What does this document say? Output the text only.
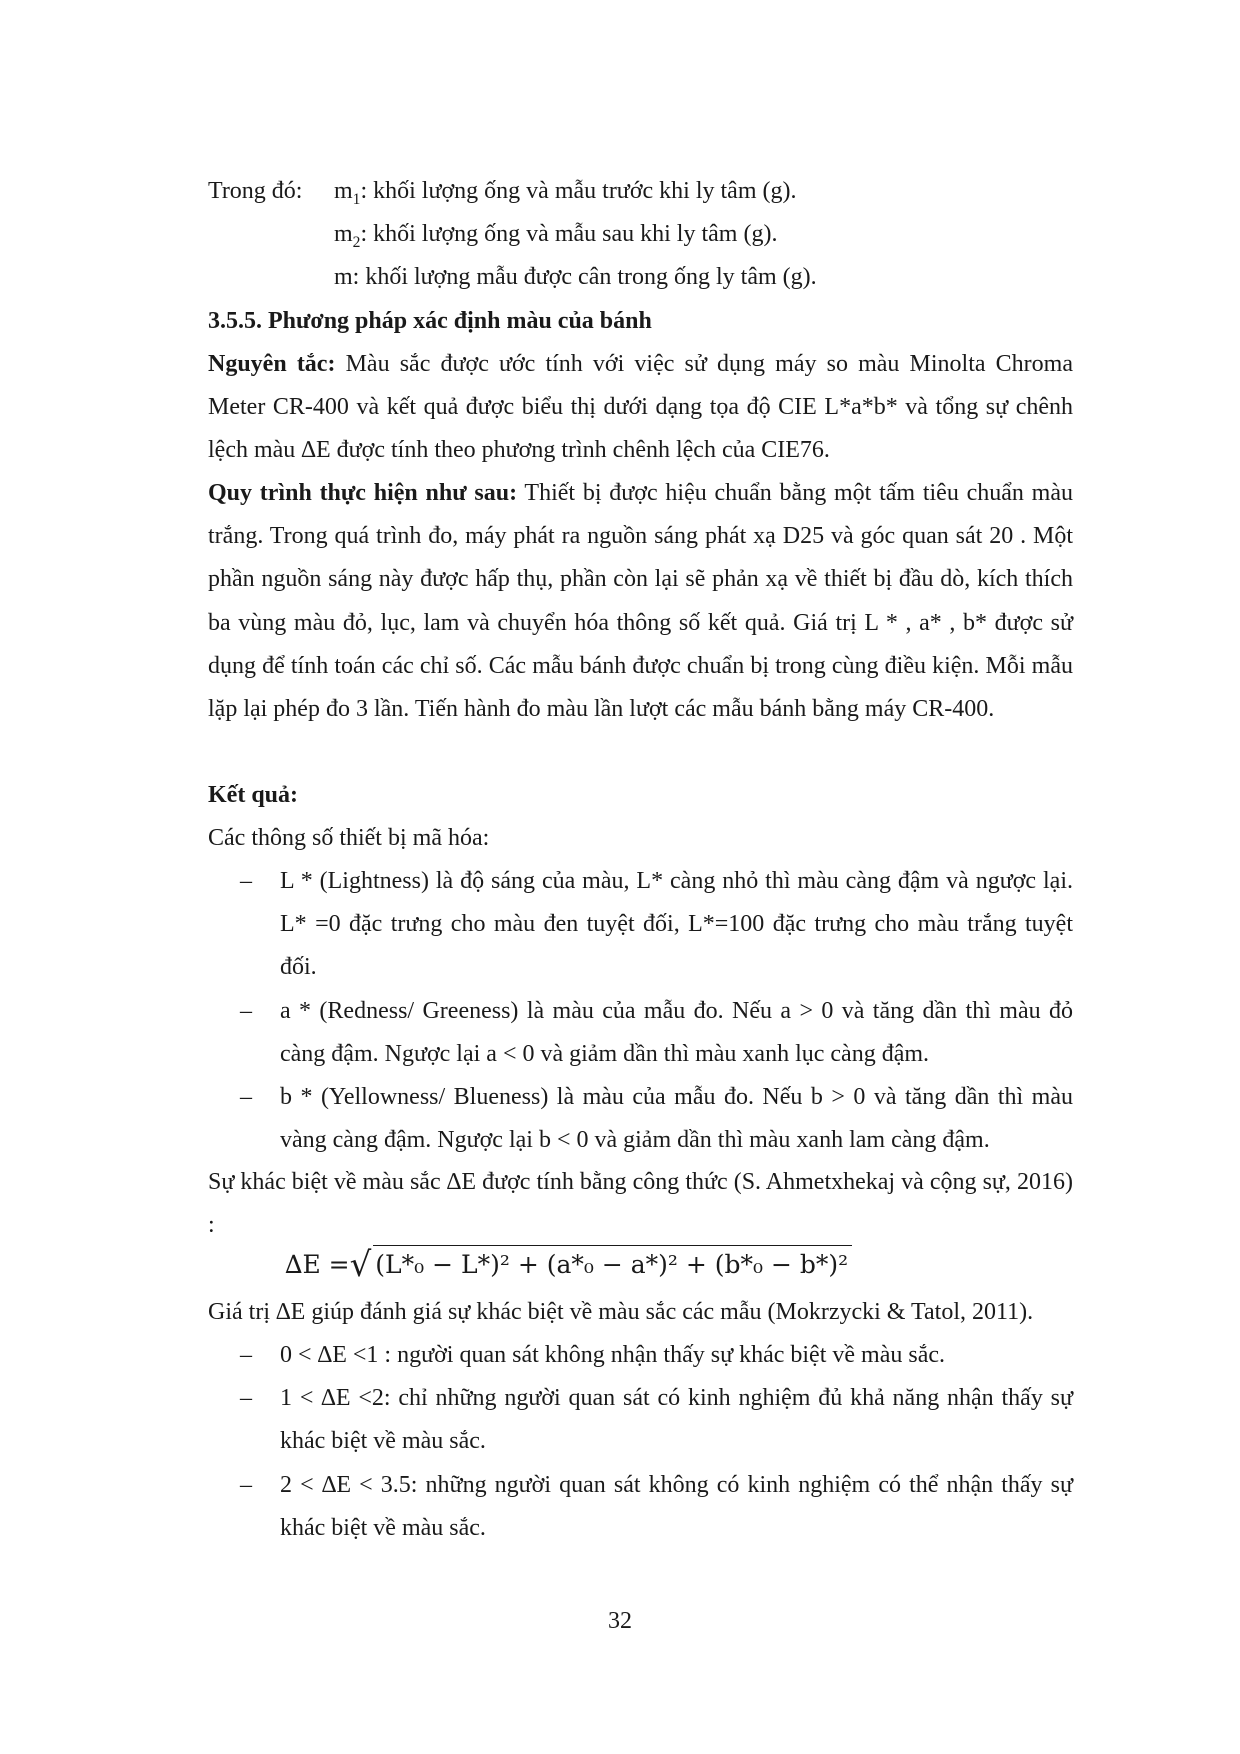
Trong đó:	$m_1$: khối lượng ống và mẫu trước khi ly tâm (g).
$m_2$: khối lượng ống và mẫu sau khi ly tâm (g).
m: khối lượng mẫu được cân trong ống ly tâm (g).
3.5.5. Phương pháp xác định màu của bánh

Nguyên tắc: Màu sắc được ước tính với việc sử dụng máy so màu Minolta Chroma Meter CR-400 và kết quả được biểu thị dưới dạng tọa độ CIE L*a*b* và tổng sự chênh lệch màu ∆E được tính theo phương trình chênh lệch của CIE76.

Quy trình thực hiện như sau: Thiết bị được hiệu chuẩn bằng một tấm tiêu chuẩn màu trắng. Trong quá trình đo, máy phát ra nguồn sáng phát xạ D25 và góc quan sát 20 . Một phần nguồn sáng này được hấp thụ, phần còn lại sẽ phản xạ về thiết bị đầu dò, kích thích ba vùng màu đỏ, lục, lam và chuyển hóa thông số kết quả. Giá trị L * , a* , b* được sử dụng để tính toán các chỉ số. Các mẫu bánh được chuẩn bị trong cùng điều kiện. Mỗi mẫu lặp lại phép đo 3 lần. Tiến hành đo màu lần lượt các mẫu bánh bằng máy CR-400.

Kết quả:

Các thông số thiết bị mã hóa:

–	L * (Lightness) là độ sáng của màu, L* càng nhỏ thì màu càng đậm và ngược lại. L* =0 đặc trưng cho màu đen tuyệt đối, L*=100 đặc trưng cho màu trắng tuyệt đối.
–	a * (Redness/ Greeness) là màu của mẫu đo. Nếu a > 0 và tăng dần thì màu đỏ càng đậm. Ngược lại a < 0 và giảm dần thì màu xanh lục càng đậm.
–	b * (Yellowness/ Blueness) là màu của mẫu đo. Nếu b > 0 và tăng dần thì màu vàng càng đậm. Ngược lại b < 0 và giảm dần thì màu xanh lam càng đậm.

Sự khác biệt về màu sắc ∆E được tính bằng công thức (S. Ahmetxhekaj và cộng sự, 2016) :

∆E = √ (L*₀ − L*)² + (a*₀ − a*)² + (b*₀ − b*)²

Giá trị ∆E giúp đánh giá sự khác biệt về màu sắc các mẫu (Mokrzycki & Tatol, 2011).

–	0 < ∆E <1 : người quan sát không nhận thấy sự khác biệt về màu sắc.
–	1 < ∆E <2: chỉ những người quan sát có kinh nghiệm đủ khả năng nhận thấy sự khác biệt về màu sắc.
–	2 < ∆E < 3.5: những người quan sát không có kinh nghiệm có thể nhận thấy sự khác biệt về màu sắc.
32
